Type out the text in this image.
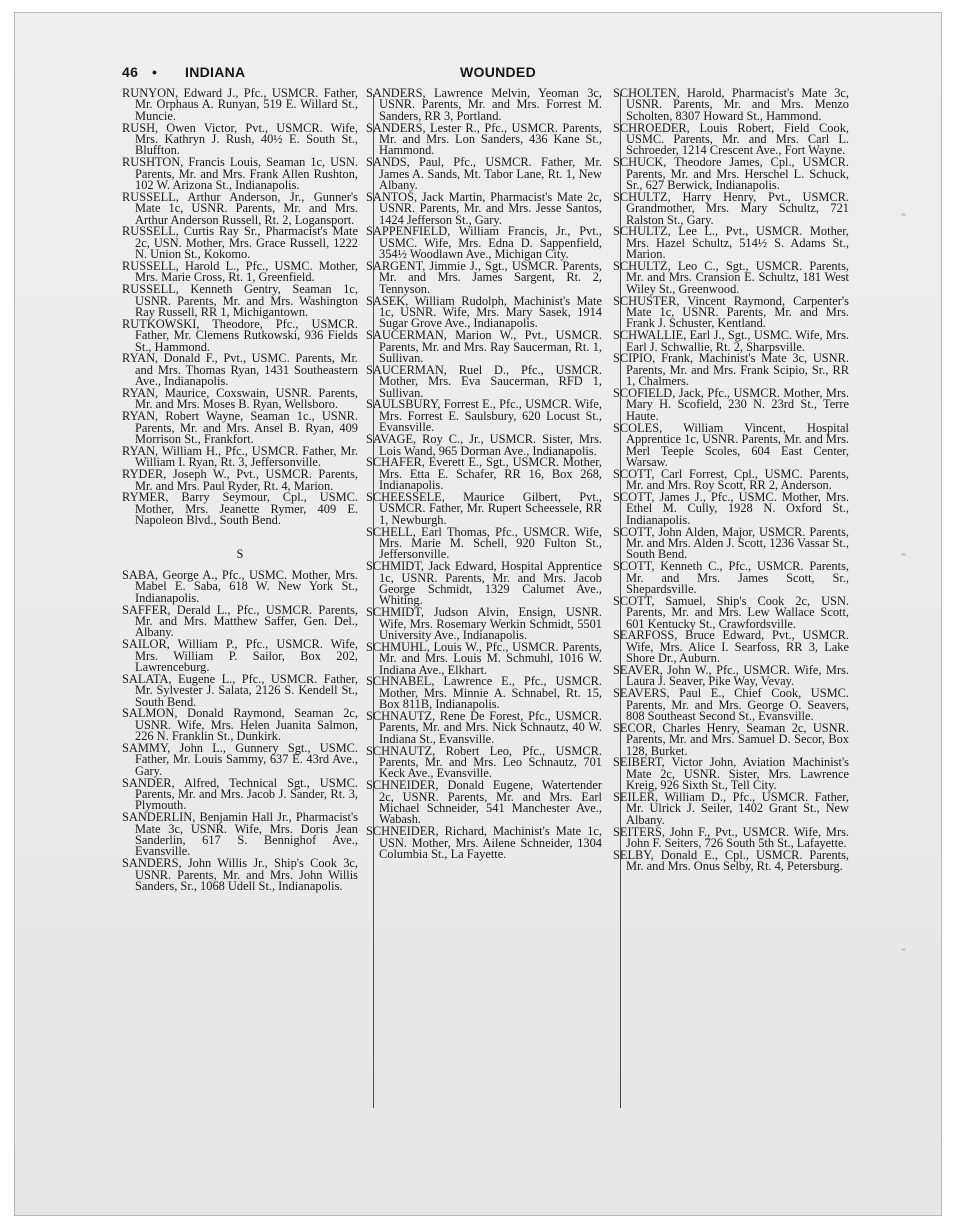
46 • INDIANA	WOUNDED

RUNYON, Edward J., Pfc., USMCR. Father, Mr. Orphaus A. Runyan, 519 E. Willard St., Muncie.

RUSH, Owen Victor, Pvt., USMCR. Wife, Mrs. Kathryn J. Rush, 40½ E. South St., Bluffton.

RUSHTON, Francis Louis, Seaman 1c, USN. Parents, Mr. and Mrs. Frank Allen Rushton, 102 W. Arizona St., Indianapolis.

RUSSELL, Arthur Anderson, Jr., Gunner's Mate 1c, USNR. Parents, Mr. and Mrs. Arthur Anderson Russell, Rt. 2, Logansport.

RUSSELL, Curtis Ray Sr., Pharmacist's Mate 2c, USN. Mother, Mrs. Grace Russell, 1222 N. Union St., Kokomo.

RUSSELL, Harold L., Pfc., USMC. Mother, Mrs. Marie Cross, Rt. 1, Greenfield.

RUSSELL, Kenneth Gentry, Seaman 1c, USNR. Parents, Mr. and Mrs. Washington Ray Russell, RR 1, Michigantown.

RUTKOWSKI, Theodore, Pfc., USMCR. Father, Mr. Clemens Rutkowski, 936 Fields St., Hammond.

RYAN, Donald F., Pvt., USMC. Parents, Mr. and Mrs. Thomas Ryan, 1431 Southeastern Ave., Indianapolis.

RYAN, Maurice, Coxswain, USNR. Parents, Mr. and Mrs. Moses B. Ryan, Wellsboro.

RYAN, Robert Wayne, Seaman 1c., USNR. Parents, Mr. and Mrs. Ansel B. Ryan, 409 Morrison St., Frankfort.

RYAN, William H., Pfc., USMCR. Father, Mr. William I. Ryan, Rt. 3, Jeffersonville.

RYDER, Joseph W., Pvt., USMCR. Parents, Mr. and Mrs. Paul Ryder, Rt. 4, Marion.

RYMER, Barry Seymour, Cpl., USMC. Mother, Mrs. Jeanette Rymer, 409 E. Napoleon Blvd., South Bend.

S

SABA, George A., Pfc., USMC. Mother, Mrs. Mabel E. Saba, 618 W. New York St., Indianapolis.

SAFFER, Derald L., Pfc., USMCR. Parents, Mr. and Mrs. Matthew Saffer, Gen. Del., Albany.

SAILOR, William P., Pfc., USMCR. Wife, Mrs. William P. Sailor, Box 202, Lawrenceburg.

SALATA, Eugene L., Pfc., USMCR. Father, Mr. Sylvester J. Salata, 2126 S. Kendell St., South Bend.

SALMON, Donald Raymond, Seaman 2c, USNR. Wife, Mrs. Helen Juanita Salmon, 226 N. Franklin St., Dunkirk.

SAMMY, John L., Gunnery Sgt., USMC. Father, Mr. Louis Sammy, 637 E. 43rd Ave., Gary.

SANDER, Alfred, Technical Sgt., USMC. Parents, Mr. and Mrs. Jacob J. Sander, Rt. 3, Plymouth.

SANDERLIN, Benjamin Hall Jr., Pharmacist's Mate 3c, USNR. Wife, Mrs. Doris Jean Sanderlin, 617 S. Bennighof Ave., Evansville.

SANDERS, John Willis Jr., Ship's Cook 3c, USNR. Parents, Mr. and Mrs. John Willis Sanders, Sr., 1068 Udell St., Indianapolis.

SANDERS, Lawrence Melvin, Yeoman 3c, USNR. Parents, Mr. and Mrs. Forrest M. Sanders, RR 3, Portland.

SANDERS, Lester R., Pfc., USMCR. Parents, Mr. and Mrs. Lon Sanders, 436 Kane St., Hammond.

SANDS, Paul, Pfc., USMCR. Father, Mr. James A. Sands, Mt. Tabor Lane, Rt. 1, New Albany.

SANTOS, Jack Martin, Pharmacist's Mate 2c, USNR. Parents, Mr. and Mrs. Jesse Santos, 1424 Jefferson St., Gary.

SAPPENFIELD, William Francis, Jr., Pvt., USMC. Wife, Mrs. Edna D. Sappenfield, 354½ Woodlawn Ave., Michigan City.

SARGENT, Jimmie J., Sgt., USMCR. Parents, Mr. and Mrs. James Sargent, Rt. 2, Tennyson.

SASEK, William Rudolph, Machinist's Mate 1c, USNR. Wife, Mrs. Mary Sasek, 1914 Sugar Grove Ave., Indianapolis.

SAUCERMAN, Marion W., Pvt., USMCR. Parents, Mr. and Mrs. Ray Saucerman, Rt. 1, Sullivan.

SAUCERMAN, Ruel D., Pfc., USMCR. Mother, Mrs. Eva Saucerman, RFD 1, Sullivan.

SAULSBURY, Forrest E., Pfc., USMCR. Wife, Mrs. Forrest E. Saulsbury, 620 Locust St., Evansville.

SAVAGE, Roy C., Jr., USMCR. Sister, Mrs. Lois Wand, 965 Dorman Ave., Indianapolis.

SCHAFER, Everett E., Sgt., USMCR. Mother, Mrs. Etta E. Schafer, RR 16, Box 268, Indianapolis.

SCHEESSELE, Maurice Gilbert, Pvt., USMCR. Father, Mr. Rupert Scheessele, RR 1, Newburgh.

SCHELL, Earl Thomas, Pfc., USMCR. Wife, Mrs. Marie M. Schell, 920 Fulton St., Jeffersonville.

SCHMIDT, Jack Edward, Hospital Apprentice 1c, USNR. Parents, Mr. and Mrs. Jacob George Schmidt, 1329 Calumet Ave., Whiting.

SCHMIDT, Judson Alvin, Ensign, USNR. Wife, Mrs. Rosemary Werkin Schmidt, 5501 University Ave., Indianapolis.

SCHMUHL, Louis W., Pfc., USMCR. Parents, Mr. and Mrs. Louis M. Schmuhl, 1016 W. Indiana Ave., Elkhart.

SCHNABEL, Lawrence E., Pfc., USMCR. Mother, Mrs. Minnie A. Schnabel, Rt. 15, Box 811B, Indianapolis.

SCHNAUTZ, Rene De Forest, Pfc., USMCR. Parents, Mr. and Mrs. Nick Schnautz, 40 W. Indiana St., Evansville.

SCHNAUTZ, Robert Leo, Pfc., USMCR. Parents, Mr. and Mrs. Leo Schnautz, 701 Keck Ave., Evansville.

SCHNEIDER, Donald Eugene, Watertender 2c, USNR. Parents, Mr. and Mrs. Earl Michael Schneider, 541 Manchester Ave., Wabash.

SCHNEIDER, Richard, Machinist's Mate 1c, USN. Mother, Mrs. Ailene Schneider, 1304 Columbia St., La Fayette.

SCHOLTEN, Harold, Pharmacist's Mate 3c, USNR. Parents, Mr. and Mrs. Menzo Scholten, 8307 Howard St., Hammond.

SCHROEDER, Louis Robert, Field Cook, USMC. Parents, Mr. and Mrs. Carl L. Schroeder, 1214 Crescent Ave., Fort Wayne.

SCHUCK, Theodore James, Cpl., USMCR. Parents, Mr. and Mrs. Herschel L. Schuck, Sr., 627 Berwick, Indianapolis.

SCHULTZ, Harry Henry, Pvt., USMCR. Grandmother, Mrs. Mary Schultz, 721 Ralston St., Gary.

SCHULTZ, Lee L., Pvt., USMCR. Mother, Mrs. Hazel Schultz, 514½ S. Adams St., Marion.

SCHULTZ, Leo C., Sgt., USMCR. Parents, Mr. and Mrs. Cransion E. Schultz, 181 West Wiley St., Greenwood.

SCHUSTER, Vincent Raymond, Carpenter's Mate 1c, USNR. Parents, Mr. and Mrs. Frank J. Schuster, Kentland.

SCHWALLIE, Earl J., Sgt., USMC. Wife, Mrs. Earl J. Schwallie, Rt. 2, Sharpsville.

SCIPIO, Frank, Machinist's Mate 3c, USNR. Parents, Mr. and Mrs. Frank Scipio, Sr., RR 1, Chalmers.

SCOFIELD, Jack, Pfc., USMCR. Mother, Mrs. Mary H. Scofield, 230 N. 23rd St., Terre Haute.

SCOLES, William Vincent, Hospital Apprentice 1c, USNR. Parents, Mr. and Mrs. Merl Teeple Scoles, 604 East Center, Warsaw.

SCOTT, Carl Forrest, Cpl., USMC. Parents, Mr. and Mrs. Roy Scott, RR 2, Anderson.

SCOTT, James J., Pfc., USMC. Mother, Mrs. Ethel M. Cully, 1928 N. Oxford St., Indianapolis.

SCOTT, John Alden, Major, USMCR. Parents, Mr. and Mrs. Alden J. Scott, 1236 Vassar St., South Bend.

SCOTT, Kenneth C., Pfc., USMCR. Parents, Mr. and Mrs. James Scott, Sr., Shepardsville.

SCOTT, Samuel, Ship's Cook 2c, USN. Parents, Mr. and Mrs. Lew Wallace Scott, 601 Kentucky St., Crawfordsville.

SEARFOSS, Bruce Edward, Pvt., USMCR. Wife, Mrs. Alice I. Searfoss, RR 3, Lake Shore Dr., Auburn.

SEAVER, John W., Pfc., USMCR. Wife, Mrs. Laura J. Seaver, Pike Way, Vevay.

SEAVERS, Paul E., Chief Cook, USMC. Parents, Mr. and Mrs. George O. Seavers, 808 Southeast Second St., Evansville.

SECOR, Charles Henry, Seaman 2c, USNR. Parents, Mr. and Mrs. Samuel D. Secor, Box 128, Burket.

SEIBERT, Victor John, Aviation Machinist's Mate 2c, USNR. Sister, Mrs. Lawrence Kreig, 926 Sixth St., Tell City.

SEILER, William D., Pfc., USMCR. Father, Mr. Ulrick J. Seiler, 1402 Grant St., New Albany.

SEITERS, John F., Pvt., USMCR. Wife, Mrs. John F. Seiters, 726 South 5th St., Lafayette.

SELBY, Donald E., Cpl., USMCR. Parents, Mr. and Mrs. Onus Selby, Rt. 4, Petersburg.
